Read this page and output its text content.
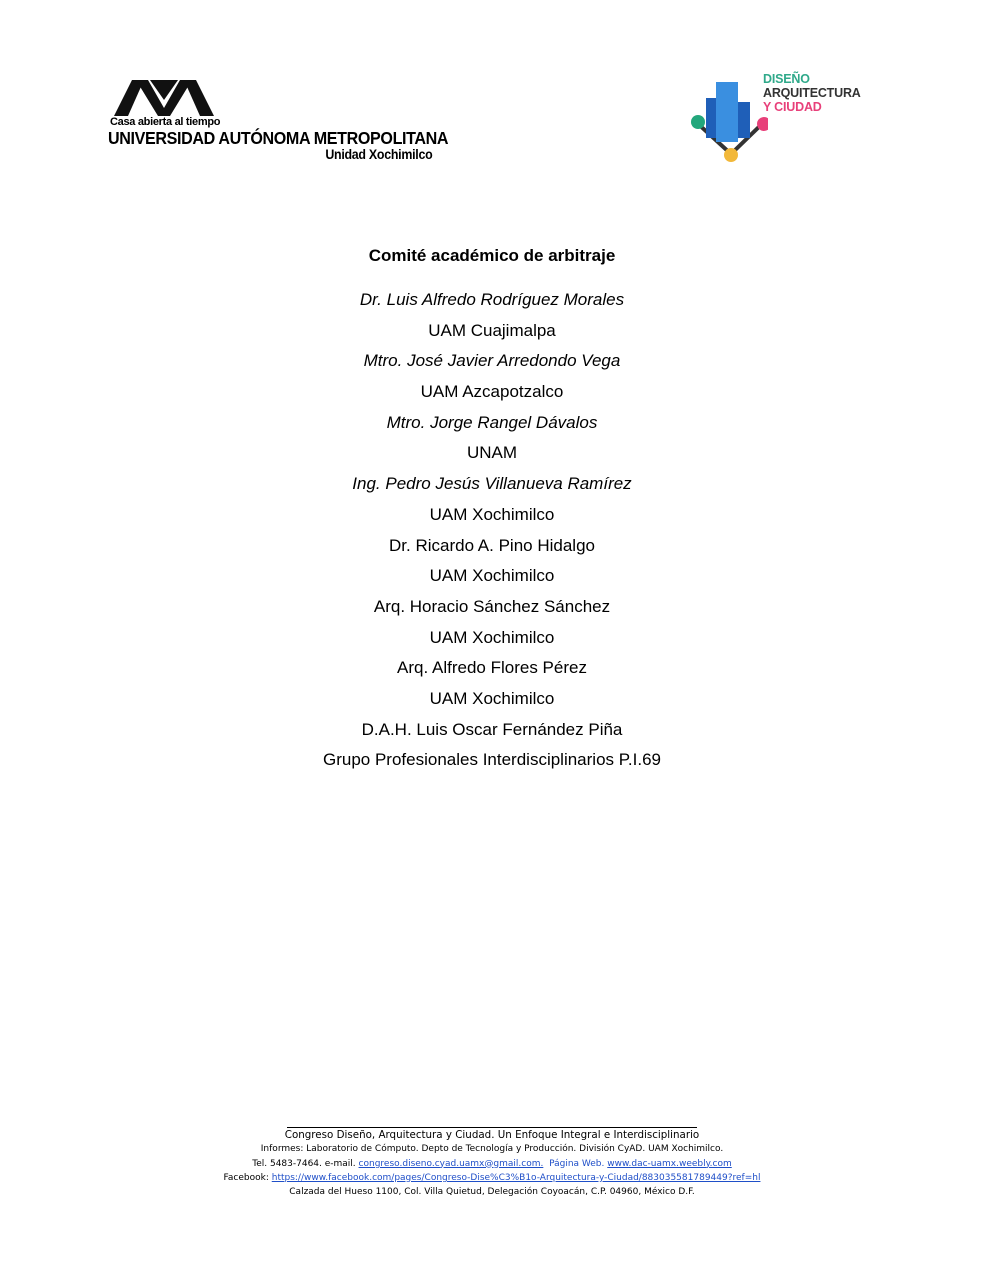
Casa abierta al tiempo
UNIVERSIDAD AUTÓNOMA METROPOLITANA
Unidad Xochimilco
DISEÑO
ARQUITECTURA
Y CIUDAD
Comité académico de arbitraje
Dr. Luis Alfredo Rodríguez Morales
UAM Cuajimalpa
Mtro. José Javier Arredondo Vega
UAM Azcapotzalco
Mtro. Jorge Rangel Dávalos
UNAM
Ing. Pedro Jesús Villanueva Ramírez
UAM Xochimilco
Dr. Ricardo A. Pino Hidalgo
UAM Xochimilco
Arq. Horacio Sánchez Sánchez
UAM Xochimilco
Arq. Alfredo Flores Pérez
UAM Xochimilco
D.A.H. Luis Oscar Fernández Piña
Grupo Profesionales Interdisciplinarios P.I.69
Congreso Diseño, Arquitectura y Ciudad. Un Enfoque Integral e Interdisciplinario
Informes: Laboratorio de Cómputo. Depto de Tecnología y Producción. División CyAD. UAM Xochimilco.
Tel. 5483-7464. e-mail. congreso.diseno.cyad.uamx@gmail.com. Página Web. www.dac-uamx.weebly.com
Facebook: https://www.facebook.com/pages/Congreso-Dise%C3%B1o-Arquitectura-y-Ciudad/883035581789449?ref=hl
Calzada del Hueso 1100, Col. Villa Quietud, Delegación Coyoacán, C.P. 04960, México D.F.
